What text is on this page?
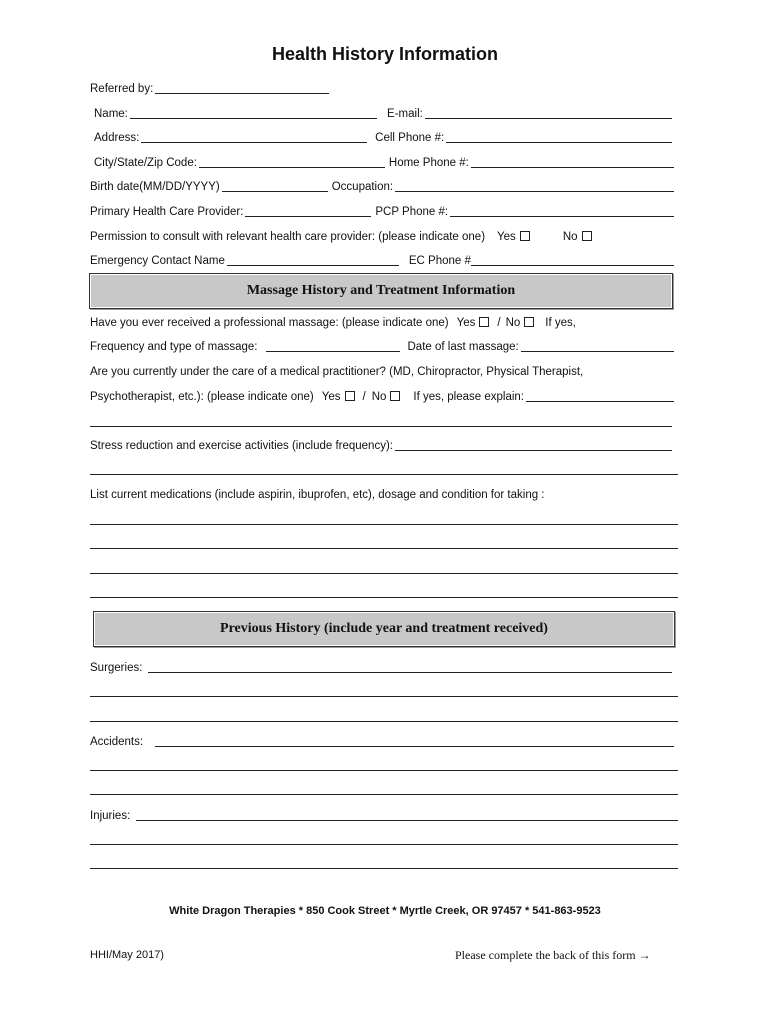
Health History Information
Referred by:
Name:	E-mail:
Address:	Cell Phone #:
City/State/Zip Code:	Home Phone #:
Birth date(MM/DD/YYYY)	Occupation:
Primary Health Care Provider:	PCP Phone #:
Permission to consult with relevant health care provider: (please indicate one) Yes	No
Emergency Contact Name	EC Phone #
Massage History and Treatment Information
Have you ever received a professional massage: (please indicate one) Yes / No If yes,
Frequency and type of massage:	Date of last massage:
Are you currently under the care of a medical practitioner? (MD, Chiropractor, Physical Therapist,
Psychotherapist, etc.): (please indicate one) Yes / No If yes, please explain:
Stress reduction and exercise activities (include frequency):
List current medications (include aspirin, ibuprofen, etc), dosage and condition for taking :
Previous History (include year and treatment received)
Surgeries:
Accidents:
Injuries:
White Dragon Therapies * 850 Cook Street * Myrtle Creek, OR 97457 * 541-863-9523
HHI/May 2017)	Please complete the back of this form →
